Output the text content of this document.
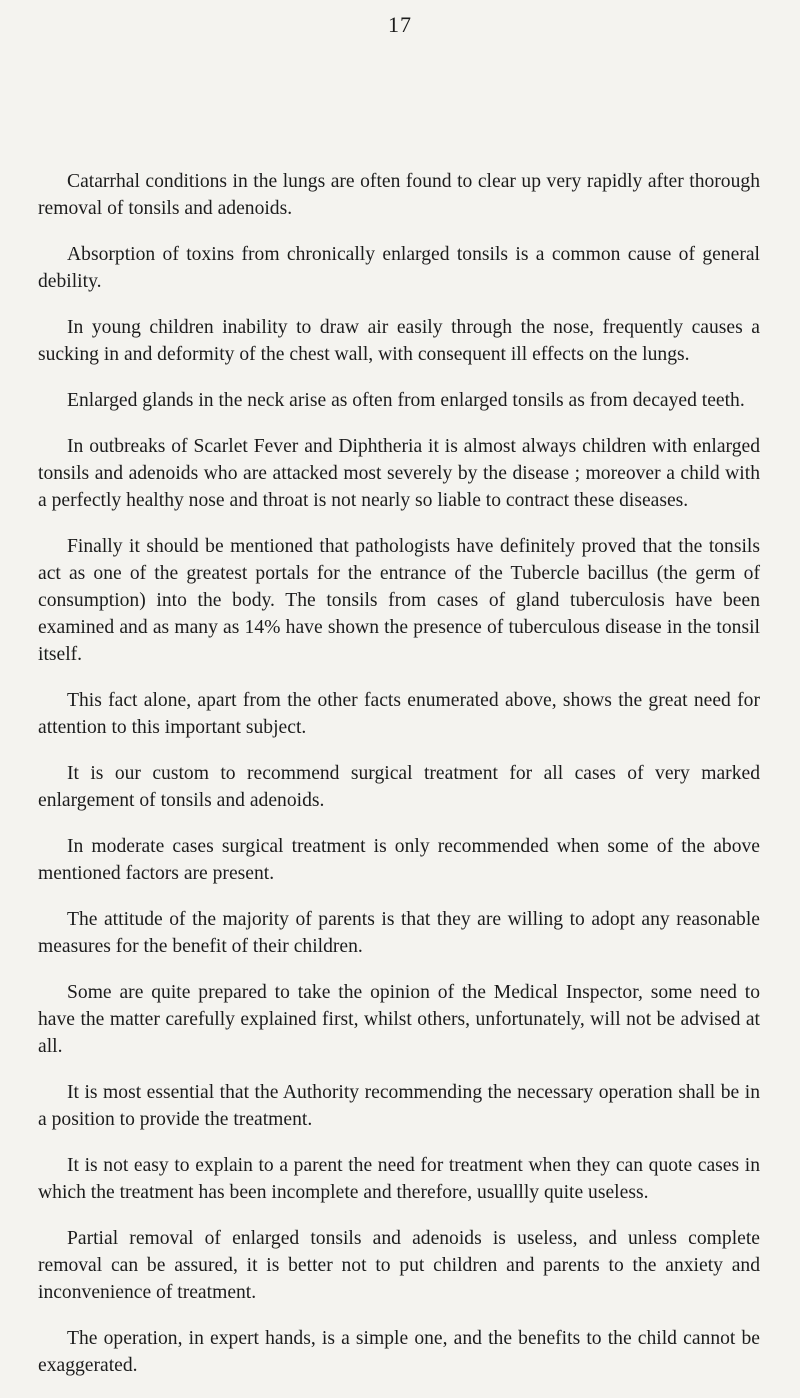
17

Catarrhal conditions in the lungs are often found to clear up very rapidly after thorough removal of tonsils and adenoids.

Absorption of toxins from chronically enlarged tonsils is a common cause of general debility.

In young children inability to draw air easily through the nose, frequently causes a sucking in and deformity of the chest wall, with consequent ill effects on the lungs.

Enlarged glands in the neck arise as often from enlarged tonsils as from decayed teeth.

In outbreaks of Scarlet Fever and Diphtheria it is almost always children with enlarged tonsils and adenoids who are attacked most severely by the disease ; moreover a child with a perfectly healthy nose and throat is not nearly so liable to contract these diseases.

Finally it should be mentioned that pathologists have definitely proved that the tonsils act as one of the greatest portals for the entrance of the Tubercle bacillus (the germ of consumption) into the body. The tonsils from cases of gland tuberculosis have been examined and as many as 14% have shown the presence of tuberculous disease in the tonsil itself.

This fact alone, apart from the other facts enumerated above, shows the great need for attention to this important subject.

It is our custom to recommend surgical treatment for all cases of very marked enlargement of tonsils and adenoids.

In moderate cases surgical treatment is only recommended when some of the above mentioned factors are present.

The attitude of the majority of parents is that they are willing to adopt any reasonable measures for the benefit of their children.

Some are quite prepared to take the opinion of the Medical Inspector, some need to have the matter carefully explained first, whilst others, unfortunately, will not be advised at all.

It is most essential that the Authority recommending the necessary operation shall be in a position to provide the treatment.

It is not easy to explain to a parent the need for treatment when they can quote cases in which the treatment has been incomplete and therefore, usuallly quite useless.

Partial removal of enlarged tonsils and adenoids is useless, and unless complete removal can be assured, it is better not to put children and parents to the anxiety and inconvenience of treatment.

The operation, in expert hands, is a simple one, and the benefits to the child cannot be exaggerated.
